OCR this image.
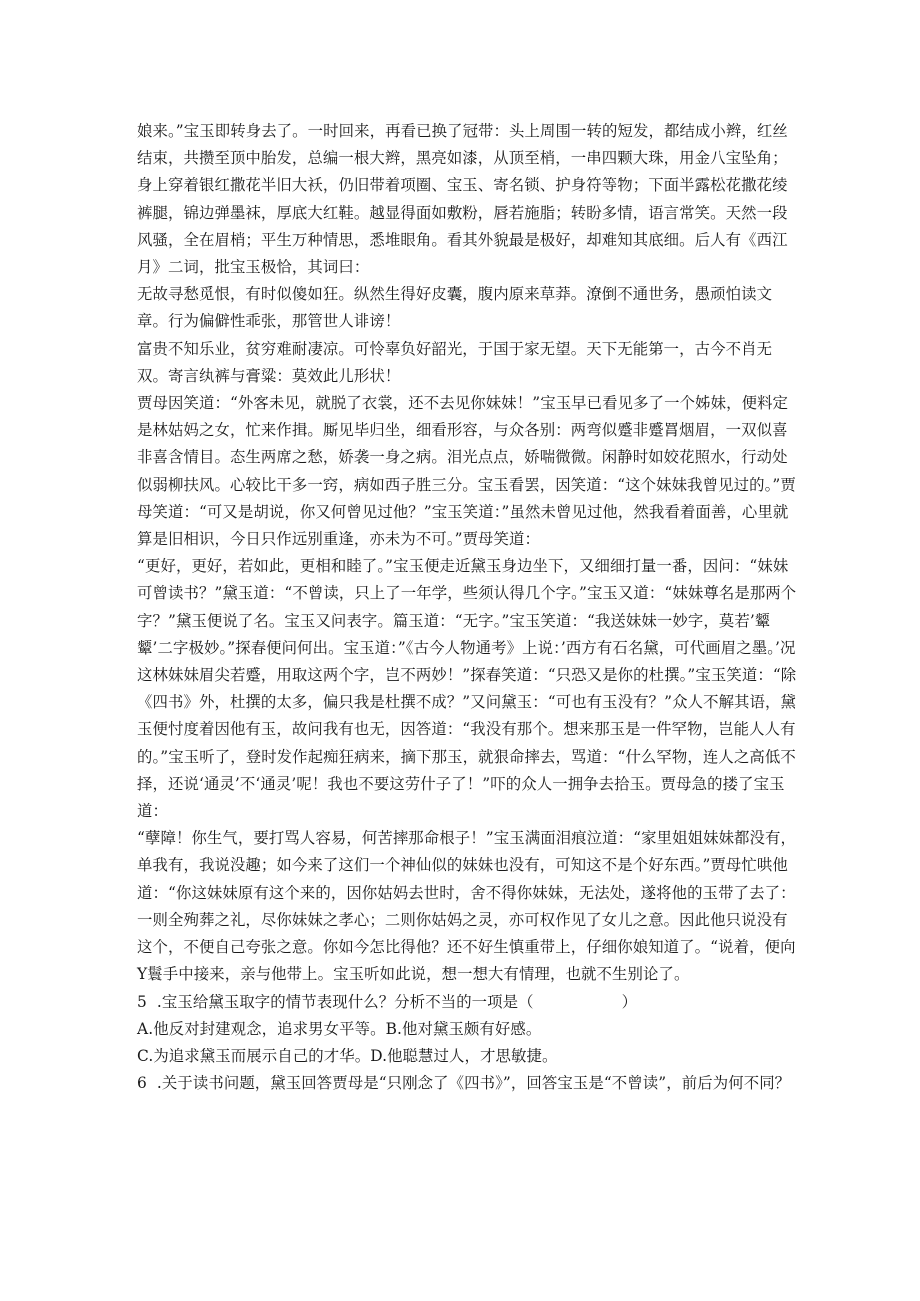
娘来。”宝玉即转身去了。一时回来，再看已换了冠带：头上周围一转的短发，都结成小辫，红丝结束，共攒至顶中胎发，总编一根大辫，黑亮如漆，从顶至梢，一串四颗大珠，用金八宝坠角；身上穿着银红撒花半旧大袄，仍旧带着项圈、宝玉、寄名锁、护身符等物；下面半露松花撒花绫裤腿，锦边弹墨袜，厚底大红鞋。越显得面如敷粉，唇若施脂；转盼多情，语言常笑。天然一段风骚，全在眉梢；平生万种情思，悉堆眼角。看其外貌最是极好，却难知其底细。后人有《西江月》二词，批宝玉极恰，其词曰：

无故寻愁觅恨，有时似傻如狂。纵然生得好皮囊，腹内原来草莽。潦倒不通世务，愚顽怕读文章。行为偏僻性乖张，那管世人诽谤！

富贵不知乐业，贫穷难耐凄凉。可怜辜负好韶光，于国于家无望。天下无能第一，古今不肖无双。寄言纨裤与膏粱：莫效此儿形状！

贾母因笑道：“外客未见，就脱了衣裳，还不去见你妹妹！”宝玉早已看见多了一个姊妹，便料定是林姑妈之女，忙来作揖。厮见毕归坐，细看形容，与众各别：两弯似蹙非蹙罥烟眉，一双似喜非喜含情目。态生两席之愁，娇袭一身之病。泪光点点，娇喘微微。闲静时如姣花照水，行动处似弱柳扶风。心较比干多一窍，病如西子胜三分。宝玉看罢，因笑道：“这个妹妹我曾见过的。”贾母笑道：“可又是胡说，你又何曾见过他？”宝玉笑道：”虽然未曾见过他，然我看着面善，心里就算是旧相识，今日只作远别重逢，亦未为不可。”贾母笑道：

“更好，更好，若如此，更相和睦了。”宝玉便走近黛玉身边坐下，又细细打量一番，因问：“妹妹可曾读书？”黛玉道：“不曾读，只上了一年学，些须认得几个字。”宝玉又道：“妹妹尊名是那两个字？”黛玉便说了名。宝玉又问表字。篇玉道：“无字。”宝玉笑道：“我送妹妹一妙字，莫若’颦颦’二字极妙。”探春便问何出。宝玉道：”《古今人物通考》上说：’西方有石名黛，可代画眉之墨。’况这林妹妹眉尖若蹙，用取这两个字，岂不两妙！”探春笑道：“只恐又是你的杜撰。”宝玉笑道：“除《四书》外，杜撰的太多，偏只我是杜撰不成？”又问黛玉：“可也有玉没有？”众人不解其语，黛玉便忖度着因他有玉，故问我有也无，因答道：“我没有那个。想来那玉是一件罕物，岂能人人有的。”宝玉听了，登时发作起痴狂病来，摘下那玉，就狠命摔去，骂道：“什么罕物，连人之高低不择，还说‘通灵’不‘通灵’呢！我也不要这劳什子了！”吓的众人一拥争去拾玉。贾母急的搂了宝玉道：

“孽障！你生气，要打骂人容易，何苦摔那命根子！”宝玉满面泪痕泣道：“家里姐姐妹妹都没有，单我有，我说没趣；如今来了这们一个神仙似的妹妹也没有，可知这不是个好东西。”贾母忙哄他道：“你这妹妹原有这个来的，因你姑妈去世时，舍不得你妹妹，无法处，遂将他的玉带了去了：一则全殉葬之礼，尽你妹妹之孝心；二则你姑妈之灵，亦可权作见了女儿之意。因此他只说没有这个，不便自己夸张之意。你如今怎比得他？还不好生慎重带上，仔细你娘知道了。“说着，便向Y鬟手中接来，亲与他带上。宝玉听如此说，想一想大有情理，也就不生别论了。

5  .宝玉给黛玉取字的情节表现什么？分析不当的一项是（	）

A.他反对封建观念，追求男女平等。B.他对黛玉颇有好感。

C.为追求黛玉而展示自己的才华。D.他聪慧过人，才思敏捷。

6  .关于读书问题，黛玉回答贾母是“只刚念了《四书》”，回答宝玉是“不曾读”，前后为何不同？
